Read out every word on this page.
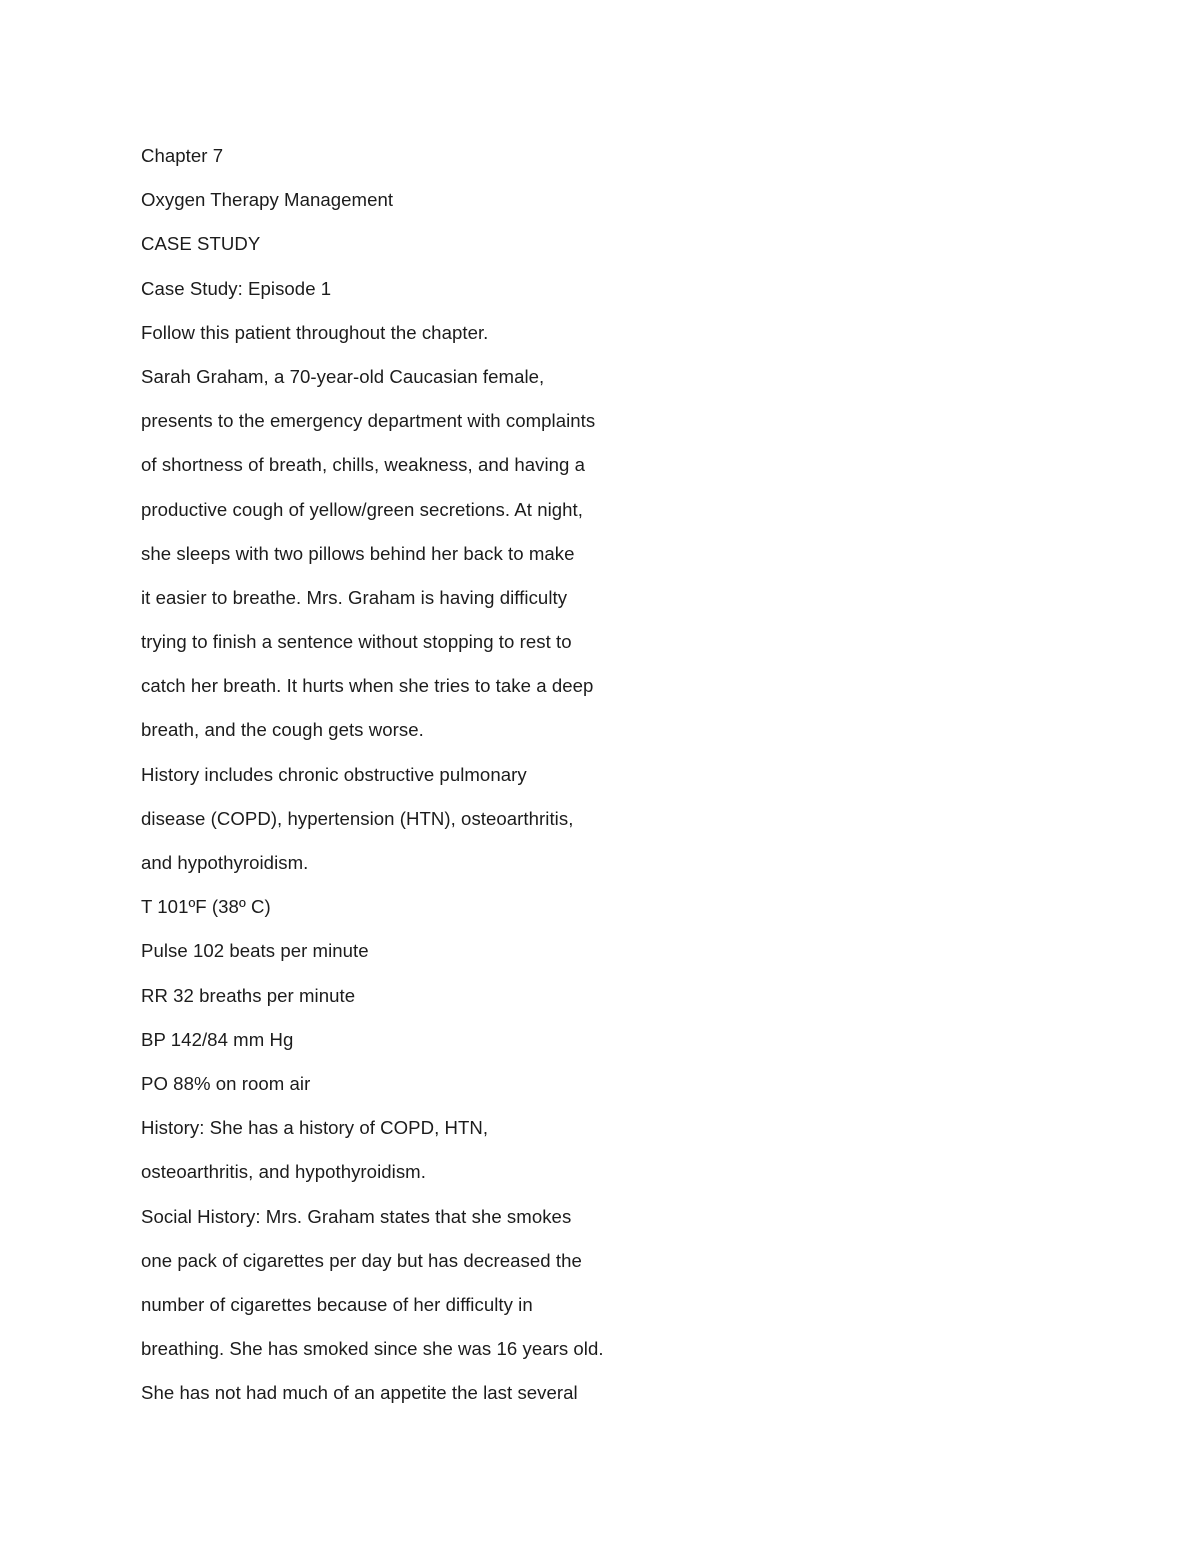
Chapter 7
Oxygen Therapy Management
CASE STUDY
Case Study: Episode 1
Follow this patient throughout the chapter.
Sarah Graham, a 70-year-old Caucasian female,
presents to the emergency department with complaints
of shortness of breath, chills, weakness, and having a
productive cough of yellow/green secretions. At night,
she sleeps with two pillows behind her back to make
it easier to breathe. Mrs. Graham is having difficulty
trying to finish a sentence without stopping to rest to
catch her breath. It hurts when she tries to take a deep
breath, and the cough gets worse.
History includes chronic obstructive pulmonary
disease (COPD), hypertension (HTN), osteoarthritis,
and hypothyroidism.
T 101ºF (38º C)
Pulse 102 beats per minute
RR 32 breaths per minute
BP 142/84 mm Hg
PO 88% on room air
History: She has a history of COPD, HTN,
osteoarthritis, and hypothyroidism.
Social History: Mrs. Graham states that she smokes
one pack of cigarettes per day but has decreased the
number of cigarettes because of her difficulty in
breathing. She has smoked since she was 16 years old.
She has not had much of an appetite the last several
